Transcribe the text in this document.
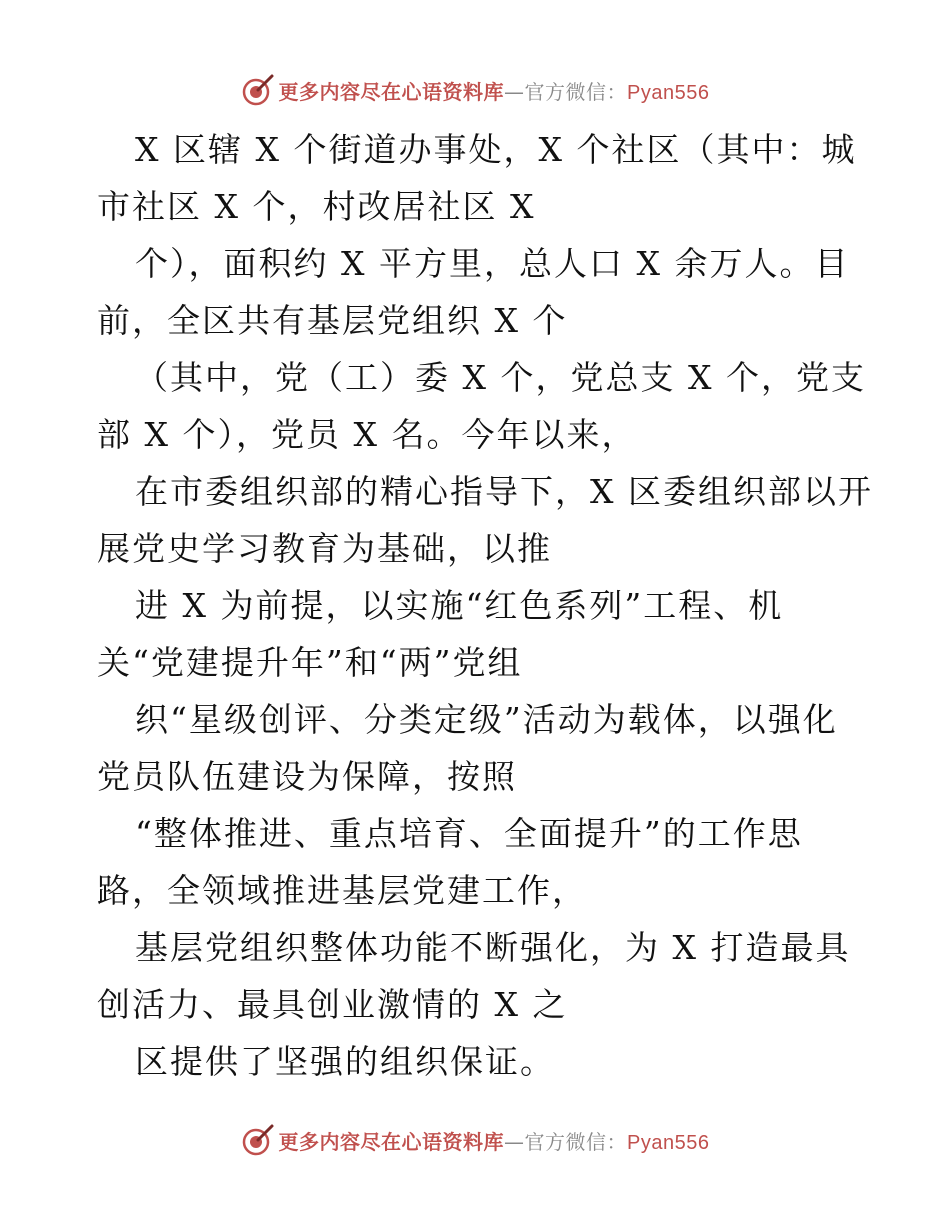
更多内容尽在心语资料库—官方微信：Pyan556
X 区辖 X 个街道办事处，X 个社区（其中：城
市社区 X 个，村改居社区 X
个），面积约 X 平方里，总人口 X 余万人。目
前，全区共有基层党组织 X 个
（其中，党（工）委 X 个，党总支 X 个，党支
部 X 个），党员 X 名。今年以来，
在市委组织部的精心指导下，X 区委组织部以开
展党史学习教育为基础，以推
进 X 为前提，以实施“红色系列”工程、机
关“党建提升年”和“两”党组
织“星级创评、分类定级”活动为载体，以强化
党员队伍建设为保障，按照
“整体推进、重点培育、全面提升”的工作思
路，全领域推进基层党建工作，
基层党组织整体功能不断强化，为 X 打造最具
创活力、最具创业激情的 X 之
区提供了坚强的组织保证。
更多内容尽在心语资料库—官方微信：Pyan556
